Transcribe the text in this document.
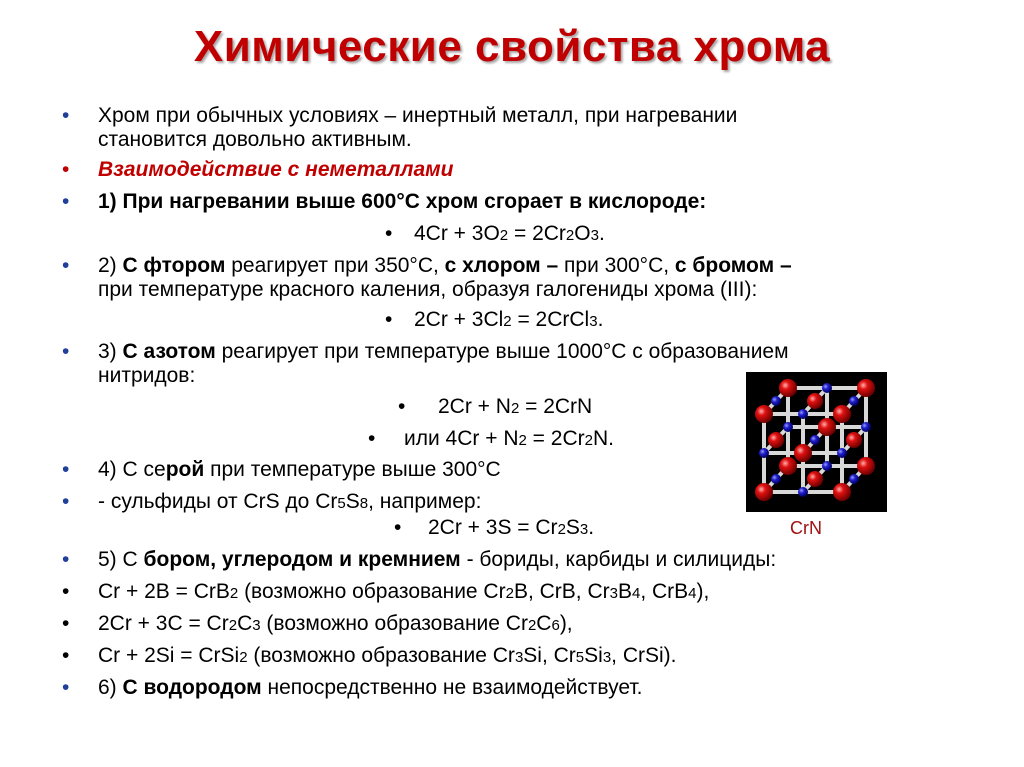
Химические свойства хрома
•
•
•
•
•
•
•
•
•
•
•
•
•
•
•
•
•
Хром при обычных условиях – инертный металл, при нагревании
становится довольно активным.
Взаимодействие с неметаллами
1) При нагревании выше 600°С хром сгорает в кислороде:
4Cr + 3O2 = 2Cr2O3.
2) С фтором реагирует при 350°С, с хлором – при 300°С, с бромом –
при температуре красного каления, образуя галогениды хрома (III):
2Cr + 3Cl2 = 2CrCl3.
3) С азотом реагирует при температуре выше 1000°С с образованием
нитридов:
2Cr + N2 = 2CrN
или 4Cr + N2 = 2Cr2N.
4) С серой при температуре выше 300°С
- сульфиды от CrS до Cr5S8, например:
2Cr + 3S = Cr2S3.
5) С бором, углеродом и кремнием - бориды, карбиды и силициды:
Cr + 2B = CrB2 (возможно образование Cr2B, CrB, Cr3B4, CrB4),
2Cr + 3C = Cr2C3 (возможно образование Cr2C6),
Cr + 2Si = CrSi2 (возможно образование Cr3Si, Cr5Si3, CrSi).
6) С водородом непосредственно не взаимодействует.
CrN
